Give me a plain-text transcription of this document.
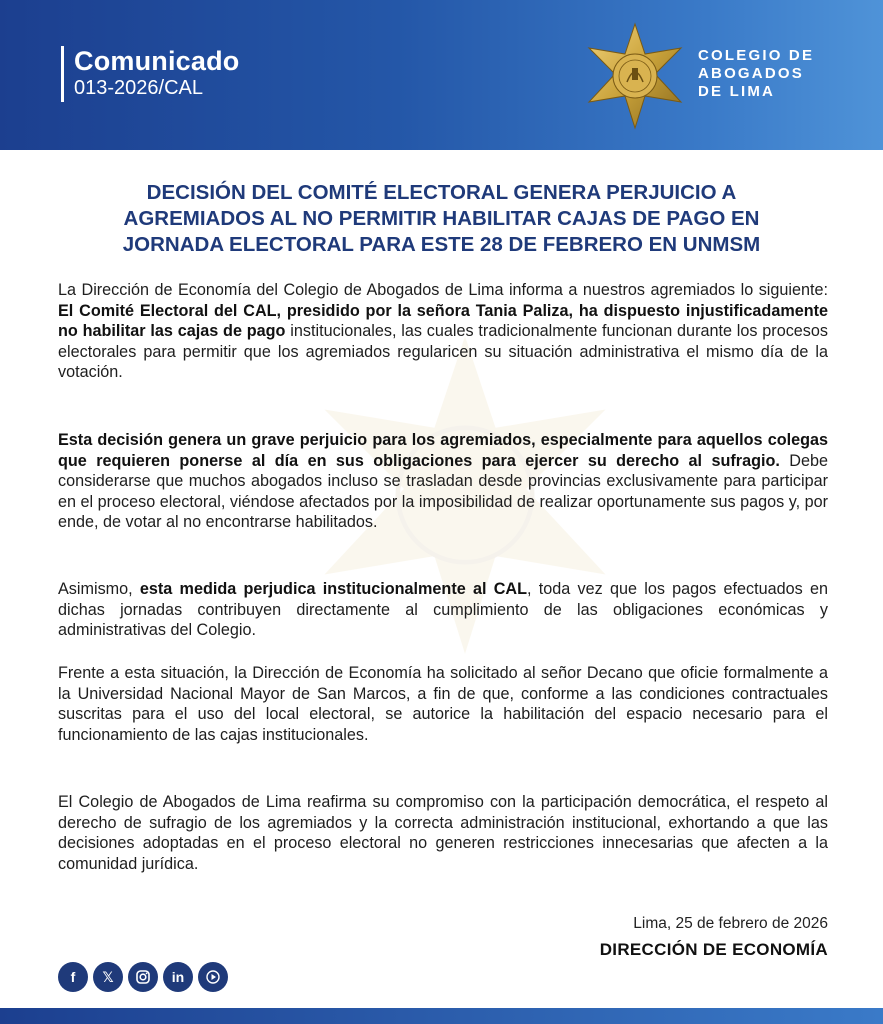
Comunicado
013-2026/CAL
COLEGIO DE
ABOGADOS
DE LIMA
DECISIÓN DEL COMITÉ ELECTORAL GENERA PERJUICIO A
AGREMIADOS AL NO PERMITIR HABILITAR CAJAS DE PAGO EN
JORNADA ELECTORAL PARA ESTE 28 DE FEBRERO EN UNMSM
La Dirección de Economía del Colegio de Abogados de Lima informa a nuestros agremiados lo siguiente: El Comité Electoral del CAL, presidido por la señora Tania Paliza, ha dispuesto injustificadamente no habilitar las cajas de pago institucionales, las cuales tradicionalmente funcionan durante los procesos electorales para permitir que los agremiados regularicen su situación administrativa el mismo día de la votación.
Esta decisión genera un grave perjuicio para los agremiados, especialmente para aquellos colegas que requieren ponerse al día en sus obligaciones para ejercer su derecho al sufragio. Debe considerarse que muchos abogados incluso se trasladan desde provincias exclusivamente para participar en el proceso electoral, viéndose afectados por la imposibilidad de realizar oportunamente sus pagos y, por ende, de votar al no encontrarse habilitados.
Asimismo, esta medida perjudica institucionalmente al CAL, toda vez que los pagos efectuados en dichas jornadas contribuyen directamente al cumplimiento de las obligaciones económicas y administrativas del Colegio.
Frente a esta situación, la Dirección de Economía ha solicitado al señor Decano que oficie formalmente a la Universidad Nacional Mayor de San Marcos, a fin de que, conforme a las condiciones contractuales suscritas para el uso del local electoral, se autorice la habilitación del espacio necesario para el funcionamiento de las cajas institucionales.
El Colegio de Abogados de Lima reafirma su compromiso con la participación democrática, el respeto al derecho de sufragio de los agremiados y la correcta administración institucional, exhortando a que las decisiones adoptadas en el proceso electoral no generen restricciones innecesarias que afecten a la comunidad jurídica.
Lima, 25 de febrero de 2026
DIRECCIÓN DE ECONOMÍA
f 𝕏	in
